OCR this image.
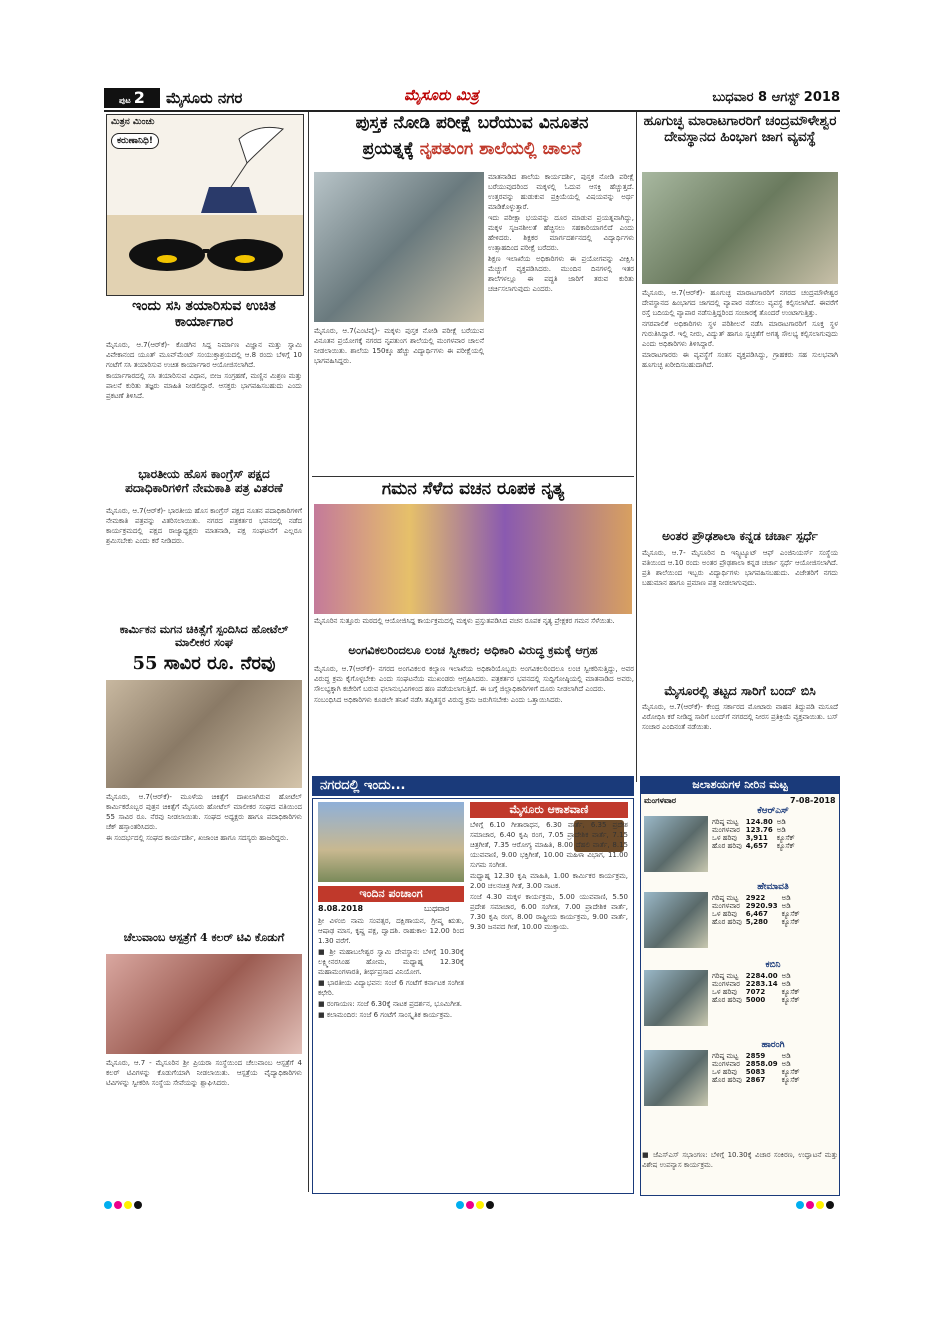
ಪುಟ 2	ಮೈಸೂರು ನಗರ	ಮೈಸೂರು ಮಿತ್ರ	ಬುಧವಾರ 8 ಆಗಸ್ಟ್ 2018
ಮಿತ್ರನ ಮಿಂಚು
ಕರುಣಾನಿಧಿ!
ಇಂದು ಸಸಿ ತಯಾರಿಸುವ ಉಚಿತ ಕಾರ್ಯಾಗಾರ

ಮೈಸೂರು, ಆ.7(ಆರ್‌ಕೆ)- ಕೊಡಗಿನ ಸಿದ್ದ ನಿರ್ಮಾಣ ವಿಜ್ಞಾನ ಮತ್ತು ಸ್ವಾಮಿ ವಿವೇಕಾನಂದ ಯೂತ್ ಮೂವ್‌ಮೆಂಟ್ ಸಂಯುಕ್ತಾಶ್ರಯದಲ್ಲಿ ಆ.8 ರಂದು ಬೆಳಿಗ್ಗೆ 10 ಗಂಟೆಗೆ ಸಸಿ ತಯಾರಿಸುವ ಉಚಿತ ಕಾರ್ಯಾಗಾರ ಆಯೋಜಿಸಲಾಗಿದೆ.

ಕಾರ್ಯಾಗಾರದಲ್ಲಿ ಸಸಿ ತಯಾರಿಸುವ ವಿಧಾನ, ಬೀಜ ಸಂಗ್ರಹಣೆ, ಮಣ್ಣಿನ ಮಿಶ್ರಣ ಮತ್ತು ಪಾಲನೆ ಕುರಿತು ತಜ್ಞರು ಮಾಹಿತಿ ನೀಡಲಿದ್ದಾರೆ. ಆಸಕ್ತರು ಭಾಗವಹಿಸಬಹುದು ಎಂದು ಪ್ರಕಟಣೆ ತಿಳಿಸಿದೆ.

ಭಾರತೀಯ ಹೊಸ ಕಾಂಗ್ರೆಸ್ ಪಕ್ಷದ ಪದಾಧಿಕಾರಿಗಳಿಗೆ ನೇಮಕಾತಿ ಪತ್ರ ವಿತರಣೆ

ಮೈಸೂರು, ಆ.7(ಆರ್‌ಕೆ)- ಭಾರತೀಯ ಹೊಸ ಕಾಂಗ್ರೆಸ್ ಪಕ್ಷದ ನೂತನ ಪದಾಧಿಕಾರಿಗಳಿಗೆ ನೇಮಕಾತಿ ಪತ್ರವನ್ನು ವಿತರಿಸಲಾಯಿತು. ನಗರದ ಪತ್ರಕರ್ತರ ಭವನದಲ್ಲಿ ನಡೆದ ಕಾರ್ಯಕ್ರಮದಲ್ಲಿ ಪಕ್ಷದ ರಾಜ್ಯಾಧ್ಯಕ್ಷರು ಮಾತನಾಡಿ, ಪಕ್ಷ ಸಂಘಟನೆಗೆ ಎಲ್ಲರೂ ಶ್ರಮಿಸಬೇಕು ಎಂದು ಕರೆ ನೀಡಿದರು.

ಕಾರ್ಮಿಕನ ಮಗನ ಚಿಕಿತ್ಸೆಗೆ ಸ್ಪಂದಿಸಿದ ಹೋಟೆಲ್ ಮಾಲೀಕರ ಸಂಘ
55 ಸಾವಿರ ರೂ. ನೆರವು

ಮೈಸೂರು, ಆ.7(ಆರ್‌ಕೆ)- ಮೂಳೆಯ ಚಿಕಿತ್ಸೆಗೆ ದಾಖಲಾಗಿರುವ ಹೋಟೆಲ್ ಕಾರ್ಮಿಕರೊಬ್ಬರ ಪುತ್ರನ ಚಿಕಿತ್ಸೆಗೆ ಮೈಸೂರು ಹೋಟೆಲ್ ಮಾಲೀಕರ ಸಂಘದ ವತಿಯಿಂದ 55 ಸಾವಿರ ರೂ. ನೆರವು ನೀಡಲಾಯಿತು. ಸಂಘದ ಅಧ್ಯಕ್ಷರು ಹಾಗೂ ಪದಾಧಿಕಾರಿಗಳು ಚೆಕ್ ಹಸ್ತಾಂತರಿಸಿದರು.

ಈ ಸಂದರ್ಭದಲ್ಲಿ ಸಂಘದ ಕಾರ್ಯದರ್ಶಿ, ಖಜಾಂಚಿ ಹಾಗೂ ಸದಸ್ಯರು ಹಾಜರಿದ್ದರು.

ಚೆಲುವಾಂಬ ಆಸ್ಪತ್ರೆಗೆ 4 ಕಲರ್ ಟಿವಿ ಕೊಡುಗೆ

ಮೈಸೂರು, ಆ.7 - ಮೈಸೂರಿನ ಶ್ರೀ ಪ್ರಿಯರಾ ಸಂಸ್ಥೆಯಿಂದ ಚೆಲುವಾಂಬ ಆಸ್ಪತ್ರೆಗೆ 4 ಕಲರ್ ಟಿವಿಗಳನ್ನು ಕೊಡುಗೆಯಾಗಿ ನೀಡಲಾಯಿತು. ಆಸ್ಪತ್ರೆಯ ವೈದ್ಯಾಧಿಕಾರಿಗಳು ಟಿವಿಗಳನ್ನು ಸ್ವೀಕರಿಸಿ ಸಂಸ್ಥೆಯ ಸೇವೆಯನ್ನು ಶ್ಲಾಘಿಸಿದರು.

ಪುಸ್ತಕ ನೋಡಿ ಪರೀಕ್ಷೆ ಬರೆಯುವ ವಿನೂತನ
ಪ್ರಯತ್ನಕ್ಕೆ ನೃಪತುಂಗ ಶಾಲೆಯಲ್ಲಿ ಚಾಲನೆ

ಮಾತನಾಡಿದ ಶಾಲೆಯ ಕಾರ್ಯದರ್ಶಿ, ಪುಸ್ತಕ ನೋಡಿ ಪರೀಕ್ಷೆ ಬರೆಯುವುದರಿಂದ ಮಕ್ಕಳಲ್ಲಿ ಓದುವ ಆಸಕ್ತಿ ಹೆಚ್ಚುತ್ತದೆ. ಉತ್ತರವನ್ನು ಹುಡುಕುವ ಪ್ರಕ್ರಿಯೆಯಲ್ಲಿ ವಿಷಯವನ್ನು ಅರ್ಥ ಮಾಡಿಕೊಳ್ಳುತ್ತಾರೆ.

ಇದು ಪರೀಕ್ಷಾ ಭಯವನ್ನು ದೂರ ಮಾಡುವ ಪ್ರಯತ್ನವಾಗಿದ್ದು, ಮಕ್ಕಳ ಸೃಜನಶೀಲತೆ ಹೆಚ್ಚಿಸಲು ಸಹಕಾರಿಯಾಗಲಿದೆ ಎಂದು ಹೇಳಿದರು. ಶಿಕ್ಷಕರ ಮಾರ್ಗದರ್ಶನದಲ್ಲಿ ವಿದ್ಯಾರ್ಥಿಗಳು ಉತ್ಸಾಹದಿಂದ ಪರೀಕ್ಷೆ ಬರೆದರು.

ಶಿಕ್ಷಣ ಇಲಾಖೆಯ ಅಧಿಕಾರಿಗಳು ಈ ಪ್ರಯೋಗವನ್ನು ವೀಕ್ಷಿಸಿ ಮೆಚ್ಚುಗೆ ವ್ಯಕ್ತಪಡಿಸಿದರು. ಮುಂದಿನ ದಿನಗಳಲ್ಲಿ ಇತರ ಶಾಲೆಗಳಲ್ಲೂ ಈ ಪದ್ಧತಿ ಜಾರಿಗೆ ತರುವ ಕುರಿತು ಚರ್ಚಿಸಲಾಗುವುದು ಎಂದರು.

ಮೈಸೂರು, ಆ.7(ಎಂಟಿವೈ)- ಮಕ್ಕಳು ಪುಸ್ತಕ ನೋಡಿ ಪರೀಕ್ಷೆ ಬರೆಯುವ ವಿನೂತನ ಪ್ರಯೋಗಕ್ಕೆ ನಗರದ ನೃಪತುಂಗ ಶಾಲೆಯಲ್ಲಿ ಮಂಗಳವಾರ ಚಾಲನೆ ನೀಡಲಾಯಿತು. ಶಾಲೆಯ 150ಕ್ಕೂ ಹೆಚ್ಚು ವಿದ್ಯಾರ್ಥಿಗಳು ಈ ಪರೀಕ್ಷೆಯಲ್ಲಿ ಭಾಗವಹಿಸಿದ್ದರು.

ಗಮನ ಸೆಳೆದ ವಚನ ರೂಪಕ ನೃತ್ಯ

ಮೈಸೂರಿನ ಸುತ್ತೂರು ಮಠದಲ್ಲಿ ಆಯೋಜಿಸಿದ್ದ ಕಾರ್ಯಕ್ರಮದಲ್ಲಿ ಮಕ್ಕಳು ಪ್ರಸ್ತುತಪಡಿಸಿದ ವಚನ ರೂಪಕ ನೃತ್ಯ ಪ್ರೇಕ್ಷಕರ ಗಮನ ಸೆಳೆಯಿತು.

ಅಂಗವಿಕಲರಿಂದಲೂ ಲಂಚ ಸ್ವೀಕಾರ; ಅಧಿಕಾರಿ ವಿರುದ್ಧ ಕ್ರಮಕ್ಕೆ ಆಗ್ರಹ

ಮೈಸೂರು, ಆ.7(ಆರ್‌ಕೆ)- ನಗರದ ಅಂಗವಿಕಲರ ಕಲ್ಯಾಣ ಇಲಾಖೆಯ ಅಧಿಕಾರಿಯೊಬ್ಬರು ಅಂಗವಿಕಲರಿಂದಲೂ ಲಂಚ ಸ್ವೀಕರಿಸುತ್ತಿದ್ದು, ಅವರ ವಿರುದ್ಧ ಕ್ರಮ ಕೈಗೊಳ್ಳಬೇಕು ಎಂದು ಸಂಘಟನೆಯ ಮುಖಂಡರು ಆಗ್ರಹಿಸಿದರು. ಪತ್ರಕರ್ತರ ಭವನದಲ್ಲಿ ಸುದ್ದಿಗೋಷ್ಠಿಯಲ್ಲಿ ಮಾತನಾಡಿದ ಅವರು, ಸೌಲಭ್ಯಕ್ಕಾಗಿ ಕಚೇರಿಗೆ ಬರುವ ಫಲಾನುಭವಿಗಳಿಂದ ಹಣ ಪಡೆಯಲಾಗುತ್ತಿದೆ. ಈ ಬಗ್ಗೆ ಜಿಲ್ಲಾಧಿಕಾರಿಗಳಿಗೆ ದೂರು ನೀಡಲಾಗಿದೆ ಎಂದರು.

ಸಂಬಂಧಿಸಿದ ಅಧಿಕಾರಿಗಳು ಕೂಡಲೇ ತನಿಖೆ ನಡೆಸಿ ತಪ್ಪಿತಸ್ಥರ ವಿರುದ್ಧ ಕ್ರಮ ಜರುಗಿಸಬೇಕು ಎಂದು ಒತ್ತಾಯಿಸಿದರು.

ಹೂಗುಚ್ಛ ಮಾರಾಟಗಾರರಿಗೆ ಚಂದ್ರಮೌಳೇಶ್ವರ ದೇವಸ್ಥಾನದ ಹಿಂಭಾಗ ಜಾಗ ವ್ಯವಸ್ಥೆ

ಮೈಸೂರು, ಆ.7(ಆರ್‌ಕೆ)- ಹೂಗುಚ್ಛ ಮಾರಾಟಗಾರರಿಗೆ ನಗರದ ಚಂದ್ರಮೌಳೇಶ್ವರ ದೇವಸ್ಥಾನದ ಹಿಂಭಾಗದ ಜಾಗದಲ್ಲಿ ವ್ಯಾಪಾರ ನಡೆಸಲು ವ್ಯವಸ್ಥೆ ಕಲ್ಪಿಸಲಾಗಿದೆ. ಈವರೆಗೆ ರಸ್ತೆ ಬದಿಯಲ್ಲಿ ವ್ಯಾಪಾರ ನಡೆಸುತ್ತಿದ್ದರಿಂದ ಸಂಚಾರಕ್ಕೆ ತೊಂದರೆ ಉಂಟಾಗುತ್ತಿತ್ತು.

ನಗರಪಾಲಿಕೆ ಅಧಿಕಾರಿಗಳು ಸ್ಥಳ ಪರಿಶೀಲನೆ ನಡೆಸಿ ಮಾರಾಟಗಾರರಿಗೆ ಸೂಕ್ತ ಸ್ಥಳ ಗುರುತಿಸಿದ್ದಾರೆ. ಇಲ್ಲಿ ನೀರು, ವಿದ್ಯುತ್ ಹಾಗೂ ಸ್ವಚ್ಛತೆಗೆ ಅಗತ್ಯ ಸೌಲಭ್ಯ ಕಲ್ಪಿಸಲಾಗುವುದು ಎಂದು ಅಧಿಕಾರಿಗಳು ತಿಳಿಸಿದ್ದಾರೆ.

ಮಾರಾಟಗಾರರು ಈ ವ್ಯವಸ್ಥೆಗೆ ಸಂತಸ ವ್ಯಕ್ತಪಡಿಸಿದ್ದು, ಗ್ರಾಹಕರು ಸಹ ಸುಲಭವಾಗಿ ಹೂಗುಚ್ಛ ಖರೀದಿಸಬಹುದಾಗಿದೆ.

ಅಂತರ ಪ್ರೌಢಶಾಲಾ ಕನ್ನಡ ಚರ್ಚಾ ಸ್ಪರ್ಧೆ

ಮೈಸೂರು, ಆ.7- ಮೈಸೂರಿನ ದಿ ಇನ್ಸ್ಟಿಟ್ಯೂಟ್ ಆಫ್ ಎಂಜಿನಿಯರ್ಸ್ ಸಂಸ್ಥೆಯ ವತಿಯಿಂದ ಆ.10 ರಂದು ಅಂತರ ಪ್ರೌಢಶಾಲಾ ಕನ್ನಡ ಚರ್ಚಾ ಸ್ಪರ್ಧೆ ಆಯೋಜಿಸಲಾಗಿದೆ. ಪ್ರತಿ ಶಾಲೆಯಿಂದ ಇಬ್ಬರು ವಿದ್ಯಾರ್ಥಿಗಳು ಭಾಗವಹಿಸಬಹುದು. ವಿಜೇತರಿಗೆ ನಗದು ಬಹುಮಾನ ಹಾಗೂ ಪ್ರಮಾಣ ಪತ್ರ ನೀಡಲಾಗುವುದು.

ಮೈಸೂರಲ್ಲಿ ತಟ್ಟದ ಸಾರಿಗೆ ಬಂದ್ ಬಿಸಿ

ಮೈಸೂರು, ಆ.7(ಆರ್‌ಕೆ)- ಕೇಂದ್ರ ಸರ್ಕಾರದ ಮೋಟಾರು ವಾಹನ ತಿದ್ದುಪಡಿ ಮಸೂದೆ ವಿರೋಧಿಸಿ ಕರೆ ನೀಡಿದ್ದ ಸಾರಿಗೆ ಬಂದ್‌ಗೆ ನಗರದಲ್ಲಿ ನೀರಸ ಪ್ರತಿಕ್ರಿಯೆ ವ್ಯಕ್ತವಾಯಿತು. ಬಸ್ ಸಂಚಾರ ಎಂದಿನಂತೆ ನಡೆಯಿತು.

ನಗರದಲ್ಲಿ ಇಂದು...
ಇಂದಿನ ಪಂಚಾಂಗ
8.08.2018	ಬುಧವಾರ

ಶ್ರೀ ವಿಳಂಬಿ ನಾಮ ಸಂವತ್ಸರ, ದಕ್ಷಿಣಾಯನ, ಗ್ರೀಷ್ಮ ಋತು, ಆಷಾಢ ಮಾಸ, ಕೃಷ್ಣ ಪಕ್ಷ, ದ್ವಾದಶಿ. ರಾಹುಕಾಲ 12.00 ರಿಂದ 1.30 ವರೆಗೆ.

■ ಶ್ರೀ ಮಹಾಬಲೇಶ್ವರ ಸ್ವಾಮಿ ದೇವಸ್ಥಾನ: ಬೆಳಿಗ್ಗೆ 10.30ಕ್ಕೆ ಲಕ್ಷ್ಮೀನರಸಿಂಹ ಹೋಮ, ಮಧ್ಯಾಹ್ನ 12.30ಕ್ಕೆ ಮಹಾಮಂಗಳಾರತಿ, ತೀರ್ಥಪ್ರಸಾದ ವಿನಿಯೋಗ.

■ ಭಾರತೀಯ ವಿದ್ಯಾಭವನ: ಸಂಜೆ 6 ಗಂಟೆಗೆ ಕರ್ನಾಟಕ ಸಂಗೀತ ಕಛೇರಿ.

■ ರಂಗಾಯಣ: ಸಂಜೆ 6.30ಕ್ಕೆ ನಾಟಕ ಪ್ರದರ್ಶನ, ಭೂಮಿಗೀತ.

■ ಕಲಾಮಂದಿರ: ಸಂಜೆ 6 ಗಂಟೆಗೆ ಸಾಂಸ್ಕೃತಿಕ ಕಾರ್ಯಕ್ರಮ.

ಮೈಸೂರು ಆಕಾಶವಾಣಿ

ಬೆಳಿಗ್ಗೆ 6.10 ಗೀತಾರಾಧನ, 6.30 ವಾರ್ತೆ, 6.35 ಪ್ರದೇಶ ಸಮಾಚಾರ, 6.40 ಕೃಷಿ ರಂಗ, 7.05 ಪ್ರಾದೇಶಿಕ ವಾರ್ತೆ, 7.15 ಚಿತ್ರಗೀತೆ, 7.35 ಆರೋಗ್ಯ ಮಾಹಿತಿ, 8.00 ದೆಹಲಿ ವಾರ್ತೆ, 8.15 ಯುವವಾಣಿ, 9.00 ಭಕ್ತಿಗೀತೆ, 10.00 ಮಹಿಳಾ ವಿಭಾಗ, 11.00 ಸುಗಮ ಸಂಗೀತ.

ಮಧ್ಯಾಹ್ನ 12.30 ಕೃಷಿ ಮಾಹಿತಿ, 1.00 ಕಾರ್ಮಿಕರ ಕಾರ್ಯಕ್ರಮ, 2.00 ಚಲನಚಿತ್ರ ಗೀತೆ, 3.00 ನಾಟಕ.

ಸಂಜೆ 4.30 ಮಕ್ಕಳ ಕಾರ್ಯಕ್ರಮ, 5.00 ಯುವವಾಣಿ, 5.50 ಪ್ರದೇಶ ಸಮಾಚಾರ, 6.00 ಸಂಗೀತ, 7.00 ಪ್ರಾದೇಶಿಕ ವಾರ್ತೆ, 7.30 ಕೃಷಿ ರಂಗ, 8.00 ರಾಷ್ಟ್ರೀಯ ಕಾರ್ಯಕ್ರಮ, 9.00 ವಾರ್ತೆ, 9.30 ಜನಪದ ಗೀತೆ, 10.00 ಮುಕ್ತಾಯ.

ಜಲಾಶಯಗಳ ನೀರಿನ ಮಟ್ಟ
ಮಂಗಳವಾರ	7-08-2018
ಕೆಆರ್‌ಎಸ್
ಗರಿಷ್ಠ ಮಟ್ಟ	124.80	ಅಡಿ
ಮಂಗಳವಾರ	123.76	ಅಡಿ
ಒಳ ಹರಿವು	3,911	ಕ್ಯೂಸೆಕ್
ಹೊರ ಹರಿವು	4,657	ಕ್ಯೂಸೆಕ್
ಹೇಮಾವತಿ
ಗರಿಷ್ಠ ಮಟ್ಟ	2922	ಅಡಿ
ಮಂಗಳವಾರ	2920.93	ಅಡಿ
ಒಳ ಹರಿವು	6,467	ಕ್ಯೂಸೆಕ್
ಹೊರ ಹರಿವು	5,280	ಕ್ಯೂಸೆಕ್
ಕಬಿನಿ
ಗರಿಷ್ಠ ಮಟ್ಟ	2284.00	ಅಡಿ
ಮಂಗಳವಾರ	2283.14	ಅಡಿ
ಒಳ ಹರಿವು	7072	ಕ್ಯೂಸೆಕ್
ಹೊರ ಹರಿವು	5000	ಕ್ಯೂಸೆಕ್
ಹಾರಂಗಿ
ಗರಿಷ್ಠ ಮಟ್ಟ	2859	ಅಡಿ
ಮಂಗಳವಾರ	2858.09	ಅಡಿ
ಒಳ ಹರಿವು	5083	ಕ್ಯೂಸೆಕ್
ಹೊರ ಹರಿವು	2867	ಕ್ಯೂಸೆಕ್

■ ಜೆಎಸ್‌ಎಸ್ ಸಭಾಂಗಣ: ಬೆಳಿಗ್ಗೆ 10.30ಕ್ಕೆ ವಿಚಾರ ಸಂಕಿರಣ, ಉದ್ಘಾಟನೆ ಮತ್ತು ವಿಶೇಷ ಉಪನ್ಯಾಸ ಕಾರ್ಯಕ್ರಮ.
